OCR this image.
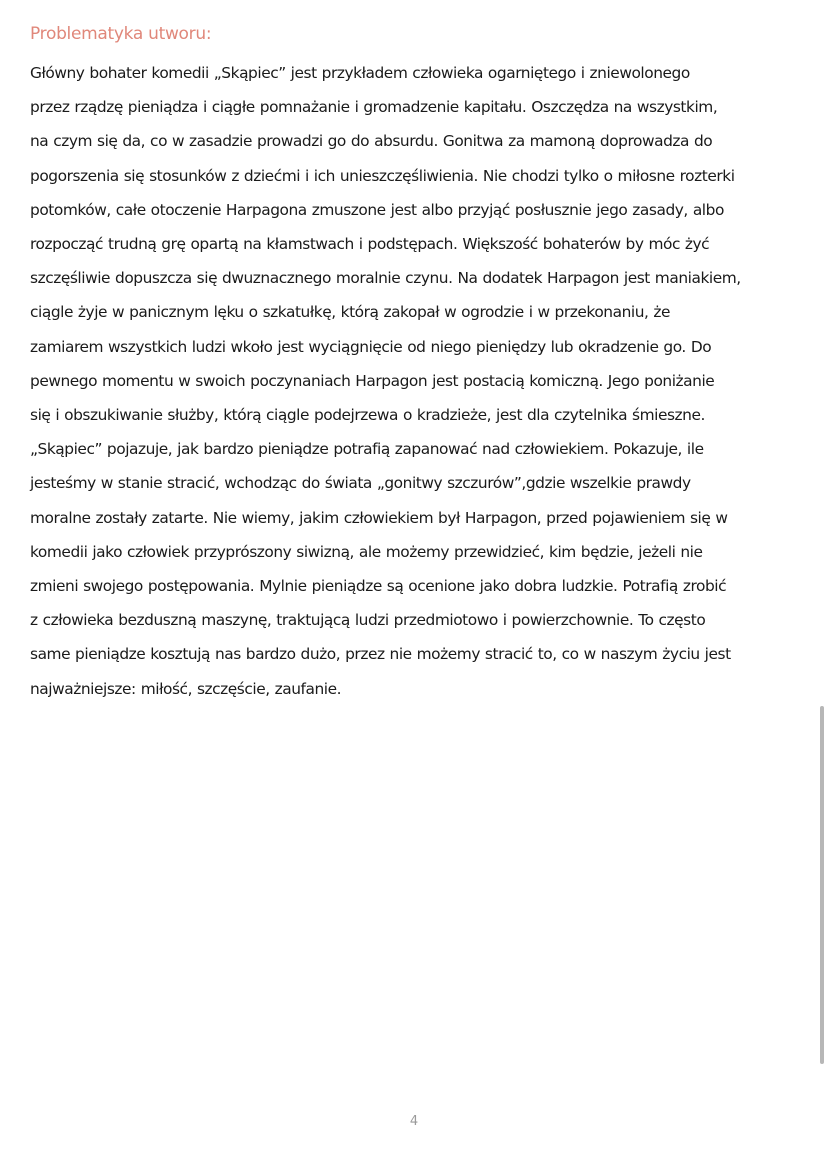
Problematyka utworu:
Główny bohater komedii „Skąpiec” jest przykładem człowieka ogarniętego i zniewolonego
przez rządzę pieniądza i ciągłe pomnażanie i gromadzenie kapitału. Oszczędza na wszystkim,
na czym się da, co w zasadzie prowadzi go do absurdu. Gonitwa za mamoną doprowadza do
pogorszenia się stosunków z dziećmi i ich unieszczęśliwienia. Nie chodzi tylko o miłosne rozterki
potomków, całe otoczenie Harpagona zmuszone jest albo przyjąć posłusznie jego zasady, albo
rozpocząć trudną grę opartą na kłamstwach i podstępach. Większość bohaterów by móc żyć
szczęśliwie dopuszcza się dwuznacznego moralnie czynu. Na dodatek Harpagon jest maniakiem,
ciągle żyje w panicznym lęku o szkatułkę, którą zakopał w ogrodzie i w przekonaniu, że
zamiarem wszystkich ludzi wkoło jest wyciągnięcie od niego pieniędzy lub okradzenie go. Do
pewnego momentu w swoich poczynaniach Harpagon jest postacią komiczną. Jego poniżanie
się i obszukiwanie służby, którą ciągle podejrzewa o kradzieże, jest dla czytelnika śmieszne.
„Skąpiec” pojazuje, jak bardzo pieniądze potrafią zapanować nad człowiekiem. Pokazuje, ile
jesteśmy w stanie stracić, wchodząc do świata „gonitwy szczurów”,gdzie wszelkie prawdy
moralne zostały zatarte. Nie wiemy, jakim człowiekiem był Harpagon, przed pojawieniem się w
komedii jako człowiek przyprószony siwizną, ale możemy przewidzieć, kim będzie, jeżeli nie
zmieni swojego postępowania. Mylnie pieniądze są ocenione jako dobra ludzkie. Potrafią zrobić
z człowieka bezduszną maszynę, traktującą ludzi przedmiotowo i powierzchownie. To często
same pieniądze kosztują nas bardzo dużo, przez nie możemy stracić to, co w naszym życiu jest
najważniejsze: miłość, szczęście, zaufanie.
4
